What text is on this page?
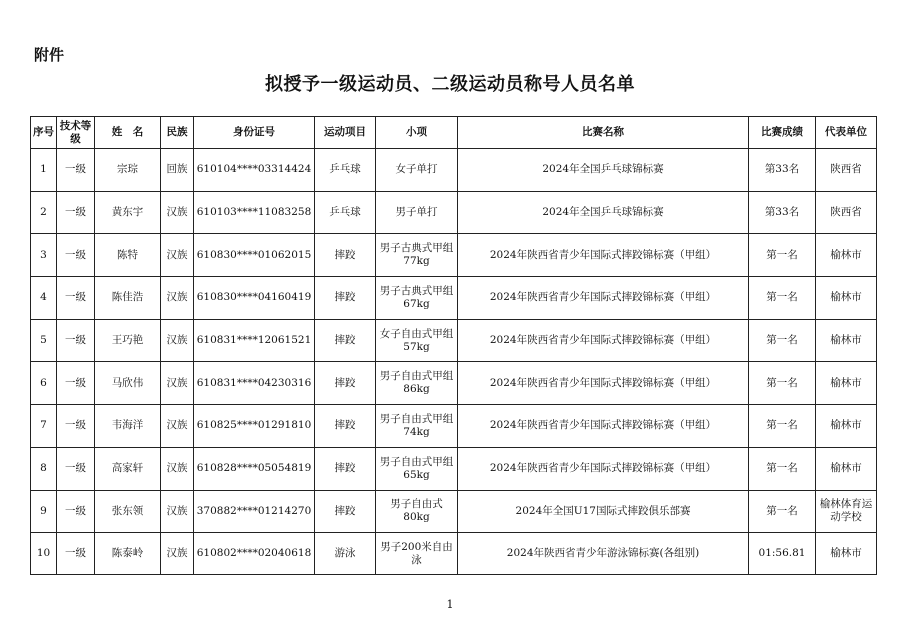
附件
拟授予一级运动员、二级运动员称号人员名单
序号	技术等级	姓　名	民族	身份证号	运动项目	小项	比赛名称	比赛成绩	代表单位
1	一级	宗琮	回族	610104****03314424	乒乓球	女子单打	2024年全国乒乓球锦标赛	第33名	陕西省
2	一级	黄东宇	汉族	610103****11083258	乒乓球	男子单打	2024年全国乒乓球锦标赛	第33名	陕西省
3	一级	陈特	汉族	610830****01062015	摔跤	男子古典式甲组77kg	2024年陕西省青少年国际式摔跤锦标赛（甲组）	第一名	榆林市
4	一级	陈佳浩	汉族	610830****04160419	摔跤	男子古典式甲组67kg	2024年陕西省青少年国际式摔跤锦标赛（甲组）	第一名	榆林市
5	一级	王巧艳	汉族	610831****12061521	摔跤	女子自由式甲组57kg	2024年陕西省青少年国际式摔跤锦标赛（甲组）	第一名	榆林市
6	一级	马欣伟	汉族	610831****04230316	摔跤	男子自由式甲组86kg	2024年陕西省青少年国际式摔跤锦标赛（甲组）	第一名	榆林市
7	一级	韦海洋	汉族	610825****01291810	摔跤	男子自由式甲组74kg	2024年陕西省青少年国际式摔跤锦标赛（甲组）	第一名	榆林市
8	一级	高家轩	汉族	610828****05054819	摔跤	男子自由式甲组65kg	2024年陕西省青少年国际式摔跤锦标赛（甲组）	第一名	榆林市
9	一级	张东领	汉族	370882****01214270	摔跤	男子自由式80kg	2024年全国U17国际式摔跤俱乐部赛	第一名	榆林体育运动学校
10	一级	陈泰岭	汉族	610802****02040618	游泳	男子200米自由泳	2024年陕西省青少年游泳锦标赛(各组别)	01:56.81	榆林市
1
